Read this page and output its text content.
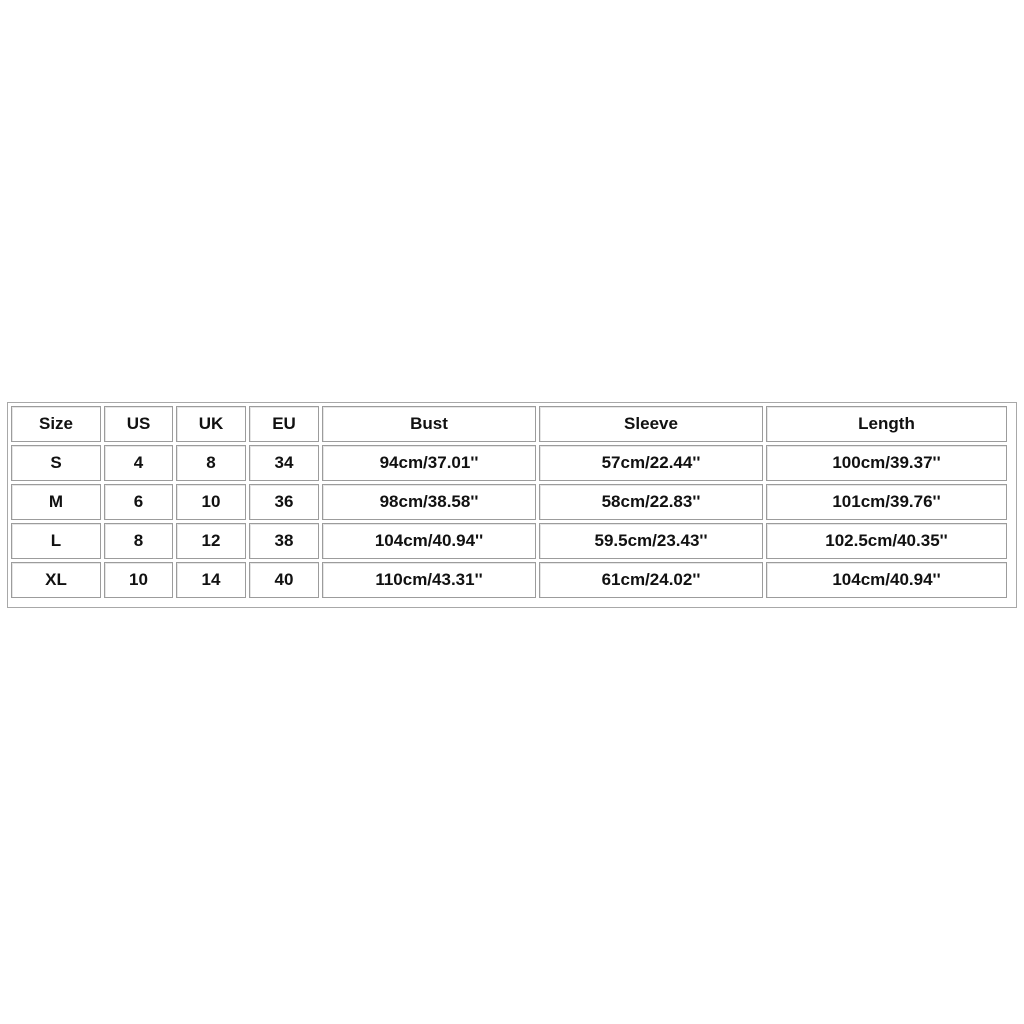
Size	US	UK	EU	Bust	Sleeve	Length
S	4	8	34	94cm/37.01''	57cm/22.44''	100cm/39.37''
M	6	10	36	98cm/38.58''	58cm/22.83''	101cm/39.76''
L	8	12	38	104cm/40.94''	59.5cm/23.43''	102.5cm/40.35''
XL	10	14	40	110cm/43.31''	61cm/24.02''	104cm/40.94''
